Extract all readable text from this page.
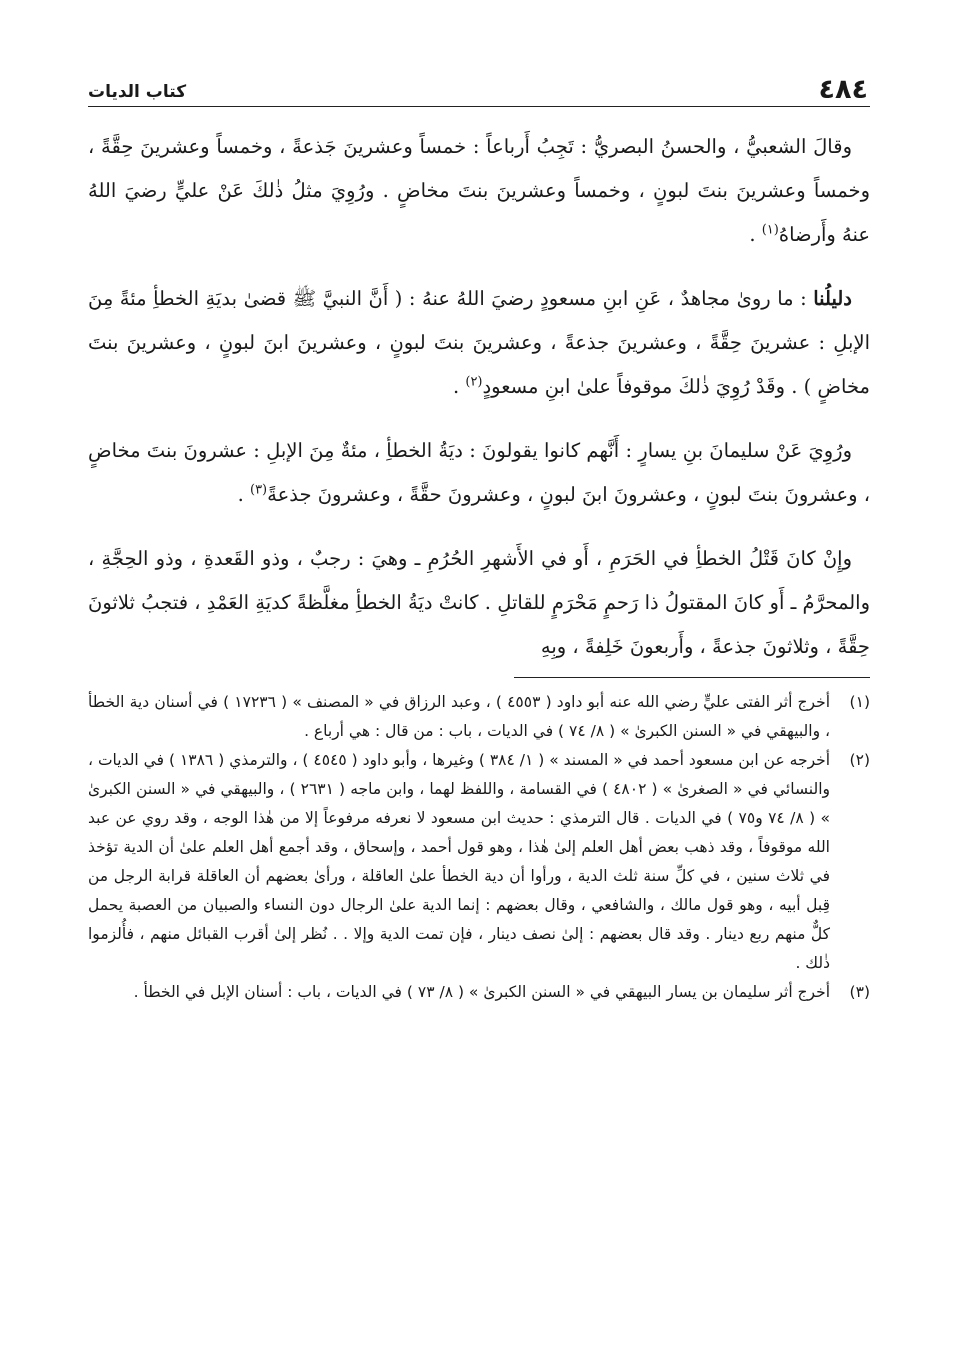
٤٨٤
كتاب الديات

وقالَ الشعبيُّ ، والحسنُ البصريُّ : تَجِبُ أَرباعاً : خمساً وعشرينَ جَذعةً ، وخمساً وعشرينَ حِقَّةً ، وخمساً وعشرينَ بنتَ لبونٍ ، وخمساً وعشرينَ بنتَ مخاضٍ . ورُوِيَ مثلُ ذٰلكَ عَنْ عليٍّ رضيَ اللهُ عنهُ وأَرضاهُ$^{(١)}$ .

دليلُنا : ما روىٰ مجاهدٌ ، عَنِ ابنِ مسعودٍ رضيَ اللهُ عنهُ : ( أَنَّ النبيَّ ﷺ قضىٰ بديَةِ الخطأِ مئةً مِنَ الإبلِ : عشرينَ حِقَّةً ، وعشرينَ جذعةً ، وعشرينَ بنتَ لبونٍ ، وعشرينَ ابنَ لبونٍ ، وعشرينَ بنتَ مخاضٍ ) . وقَدْ رُوِيَ ذٰلكَ موقوفاً علىٰ ابنِ مسعودٍ$^{(٢)}$ .

ورُوِيَ عَنْ سليمانَ بنِ يسارٍ : أَنَّهم كانوا يقولونَ : ديَةُ الخطأِ ، مئةٌ مِنَ الإبلِ : عشرونَ بنتَ مخاضٍ ، وعشرونَ بنتَ لبونٍ ، وعشرونَ ابنَ لبونٍ ، وعشرونَ حقَّةً ، وعشرونَ جذعةً$^{(٣)}$ .

وإِنْ كانَ قَتْلُ الخطأِ في الحَرَمِ ، أَو في الأَشهرِ الحُرُمِ ـ وهيَ : رجبٌ ، وذو القَعدةِ ، وذو الحِجَّةِ ، والمحرَّمُ ـ أَو كانَ المقتولُ ذا رَحمٍ مَحْرَمٍ للقاتلِ . كانتْ ديَةُ الخطأِ مغلَّظةً كديَةِ العَمْدِ ، فتجبُ ثلاثونَ حِقَّةً ، وثلاثونَ جذعةً ، وأَربعونَ خَلِفةً ، وبِهِ

(١)
أخرج أثر الفتى عليٍّ رضي الله عنه أبو داود ( ٤٥٥٣ ) ، وعبد الرزاق في « المصنف » ( ١٧٢٣٦ ) في أسنان دية الخطأ ، والبيهقي في « السنن الكبرىٰ » ( ٨/ ٧٤ ) في الديات ، باب : من قال : هي أرباع .
(٢)
أخرجه عن ابن مسعود أحمد في « المسند » ( ١/ ٣٨٤ ) وغيرها ، وأبو داود ( ٤٥٤٥ ) ، والترمذي ( ١٣٨٦ ) في الديات ، والنسائي في « الصغرىٰ » ( ٤٨٠٢ ) في القسامة ، واللفظ لهما ، وابن ماجه ( ٢٦٣١ ) ، والبيهقي في « السنن الكبرىٰ » ( ٨/ ٧٤ و٧٥ ) في الديات . قال الترمذي : حديث ابن مسعود لا نعرفه مرفوعاً إلا من هٰذا الوجه ، وقد روي عن عبد الله موقوفاً ، وقد ذهب بعض أهل العلم إلىٰ هٰذا ، وهو قول أحمد ، وإسحاق ، وقد أجمع أهل العلم علىٰ أن الدية تؤخذ في ثلاث سنين ، في كلِّ سنة ثلث الدية ، ورأوا أن دية الخطأ علىٰ العاقلة ، ورأىٰ بعضهم أن العاقلة قرابة الرجل من قِبل أبيه ، وهو قول مالك ، والشافعي ، وقال بعضهم : إنما الدية علىٰ الرجال دون النساء والصبيان من العصبة يحمل كلٌّ منهم ربع دينار . وقد قال بعضهم : إلىٰ نصف دينار ، فإن تمت الدية وإلا . . نُظر إلىٰ أقرب القبائل منهم ، فأُلزموا ذٰلك .
(٣)
أخرج أثر سليمان بن يسار البيهقي في « السنن الكبرىٰ » ( ٨/ ٧٣ ) في الديات ، باب : أسنان الإبل في الخطأ .
